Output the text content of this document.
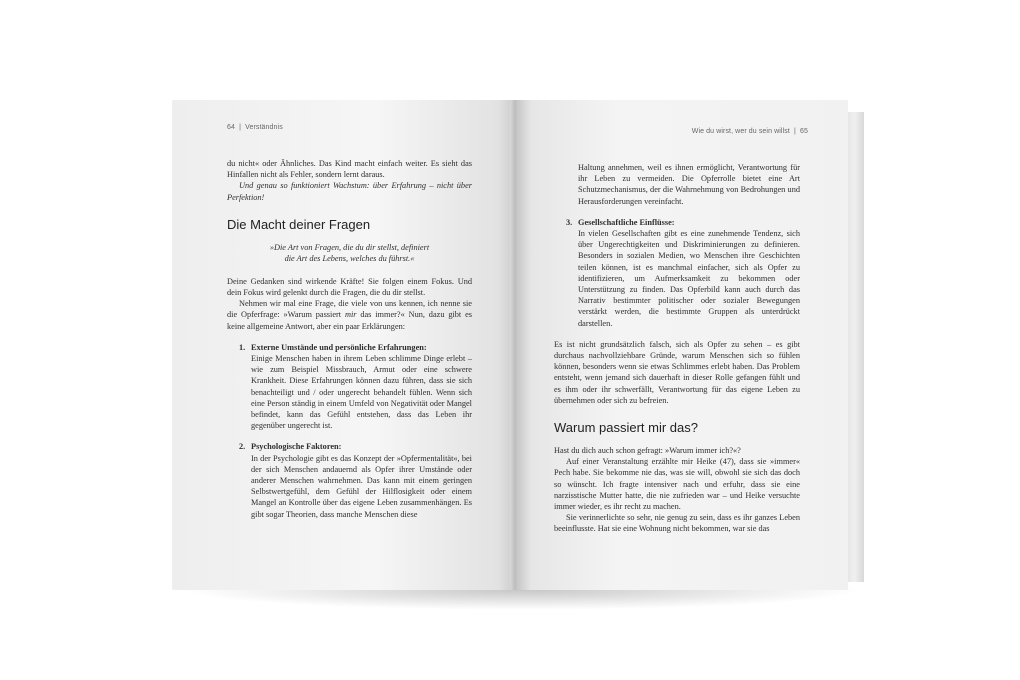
64 | Verständnis

du nicht« oder Ähnliches. Das Kind macht einfach weiter. Es sieht das Hinfallen nicht als Fehler, sondern lernt daraus.

Und genau so funktioniert Wachstum: über Erfahrung – nicht über Perfektion!

Die Macht deiner Fragen
»Die Art von Fragen, die du dir stellst, definiert
die Art des Lebens, welches du führst.«

Deine Gedanken sind wirkende Kräfte! Sie folgen einem Fokus. Und dein Fokus wird gelenkt durch die Fragen, die du dir stellst.

Nehmen wir mal eine Frage, die viele von uns kennen, ich nenne sie die Opferfrage: »Warum passiert mir das immer?« Nun, dazu gibt es keine allgemeine Antwort, aber ein paar Erklärungen:

1. Externe Umstände und persönliche Erfahrungen:

Einige Menschen haben in ihrem Leben schlimme Dinge erlebt – wie zum Beispiel Missbrauch, Armut oder eine schwere Krankheit. Diese Erfahrungen können dazu führen, dass sie sich benachteiligt und / oder ungerecht behandelt fühlen. Wenn sich eine Person ständig in einem Umfeld von Negativität oder Mangel befindet, kann das Gefühl entstehen, dass das Leben ihr gegenüber ungerecht ist.

2. Psychologische Faktoren:

In der Psychologie gibt es das Konzept der »Opfermentalität«, bei der sich Menschen andauernd als Opfer ihrer Umstände oder anderer Menschen wahrnehmen. Das kann mit einem geringen Selbstwertgefühl, dem Gefühl der Hilflosigkeit oder einem Mangel an Kontrolle über das eigene Leben zusammenhängen. Es gibt sogar Theorien, dass manche Menschen diese

Wie du wirst, wer du sein willst | 65

Haltung annehmen, weil es ihnen ermöglicht, Verantwortung für ihr Leben zu vermeiden. Die Opferrolle bietet eine Art Schutzmechanismus, der die Wahrnehmung von Bedrohungen und Herausforderungen vereinfacht.

3. Gesellschaftliche Einflüsse:

In vielen Gesellschaften gibt es eine zunehmende Tendenz, sich über Ungerechtigkeiten und Diskriminierungen zu definieren. Besonders in sozialen Medien, wo Menschen ihre Geschichten teilen können, ist es manchmal einfacher, sich als Opfer zu identifizieren, um Aufmerksamkeit zu bekommen oder Unterstützung zu finden. Das Opferbild kann auch durch das Narrativ bestimmter politischer oder sozialer Bewegungen verstärkt werden, die bestimmte Gruppen als unterdrückt darstellen.

Es ist nicht grundsätzlich falsch, sich als Opfer zu sehen – es gibt durchaus nachvollziehbare Gründe, warum Menschen sich so fühlen können, besonders wenn sie etwas Schlimmes erlebt haben. Das Problem entsteht, wenn jemand sich dauerhaft in dieser Rolle gefangen fühlt und es ihm oder ihr schwerfällt, Verantwortung für das eigene Leben zu übernehmen oder sich zu befreien.

Warum passiert mir das?

Hast du dich auch schon gefragt: »Warum immer ich?«?

Auf einer Veranstaltung erzählte mir Heike (47), dass sie »immer« Pech habe. Sie bekomme nie das, was sie will, obwohl sie sich das doch so wünscht. Ich fragte intensiver nach und erfuhr, dass sie eine narzisstische Mutter hatte, die nie zufrieden war – und Heike versuchte immer wieder, es ihr recht zu machen.

Sie verinnerlichte so sehr, nie genug zu sein, dass es ihr ganzes Leben beeinflusste. Hat sie eine Wohnung nicht bekommen, war sie das
